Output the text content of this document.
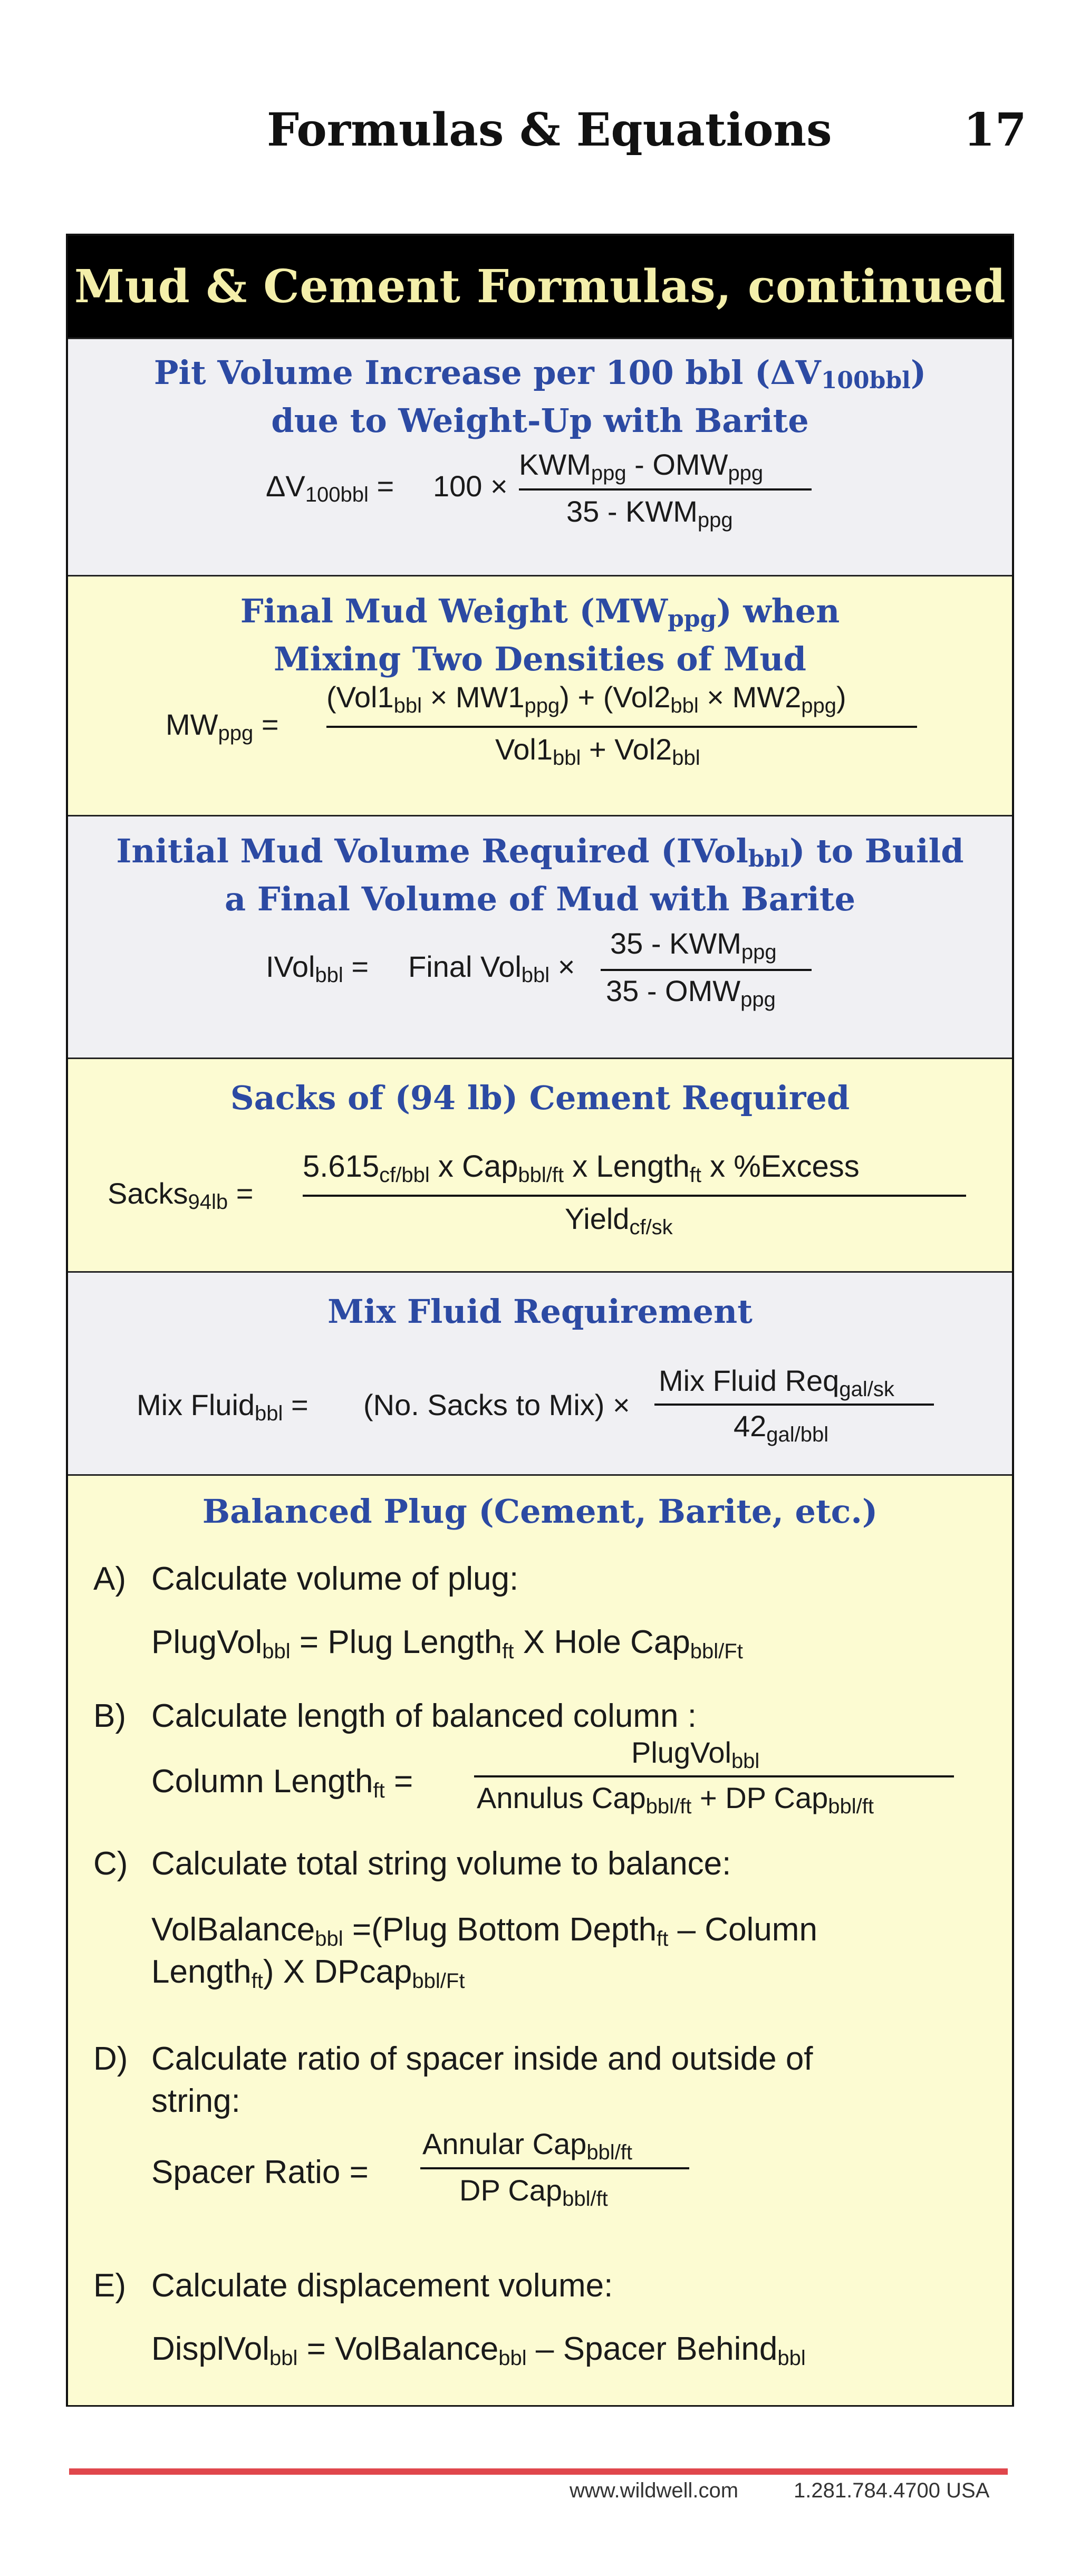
Formulas & Equations	17
Mud & Cement Formulas, continued
Pit Volume Increase per 100 bbl (ΔV100bbl)
due to Weight-Up with Barite
$\Delta V_{100bbl} = 100$ ×
$KWM_{ppg} - OMW_{ppg}$
$35 - KWM_{ppg}$
Final Mud Weight (MWppg) when
Mixing Two Densities of Mud
$MW_{ppg}$ =
$(Vol1_{bbl} \times MW1_{ppg}) + (Vol2_{bbl} \times MW2_{ppg})$
$Vol1_{bbl} + Vol2_{bbl}$
Initial Mud Volume Required (IVolbbl) to Build
a Final Volume of Mud with Barite
IVol$_{bbl}$ = Final Vol$_{bbl}$ ×
$35 - KWM_{ppg}$
$35 - OMW_{ppg}$
Sacks of (94 lb) Cement Required
Sacks$_{94lb}$ =
$5.615_{cf/bbl}$ x Cap$_{bbl/ft}$ x Length$_{ft}$ x %Excess
Yield$_{cf/sk}$
Mix Fluid Requirement
Mix Fluid$_{bbl}$ = (No. Sacks to Mix) ×
Mix Fluid Req$_{gal/sk}$
$42_{gal/bbl}$
Balanced Plug (Cement, Barite, etc.)
A) Calculate volume of plug:
PlugVol$_{bbl}$ = Plug Length$_{ft}$ X Hole Cap$_{bbl/Ft}$
B) Calculate length of balanced column :
Column Length$_{ft}$ =
PlugVol$_{bbl}$
Annulus Cap$_{bbl/ft}$ + DP Cap$_{bbl/ft}$
C) Calculate total string volume to balance:
VolBalance$_{bbl}$ =(Plug Bottom Depth$_{ft}$ – Column
Length$_{ft}$) X DPcap$_{bbl/Ft}$
D) Calculate ratio of spacer inside and outside of
string:
Spacer Ratio =
Annular Cap$_{bbl/ft}$
DP Cap$_{bbl/ft}$
E) Calculate displacement volume:
DisplVol$_{bbl}$ = VolBalance$_{bbl}$ – Spacer Behind$_{bbl}$
www.wildwell.com	1.281.784.4700 USA
